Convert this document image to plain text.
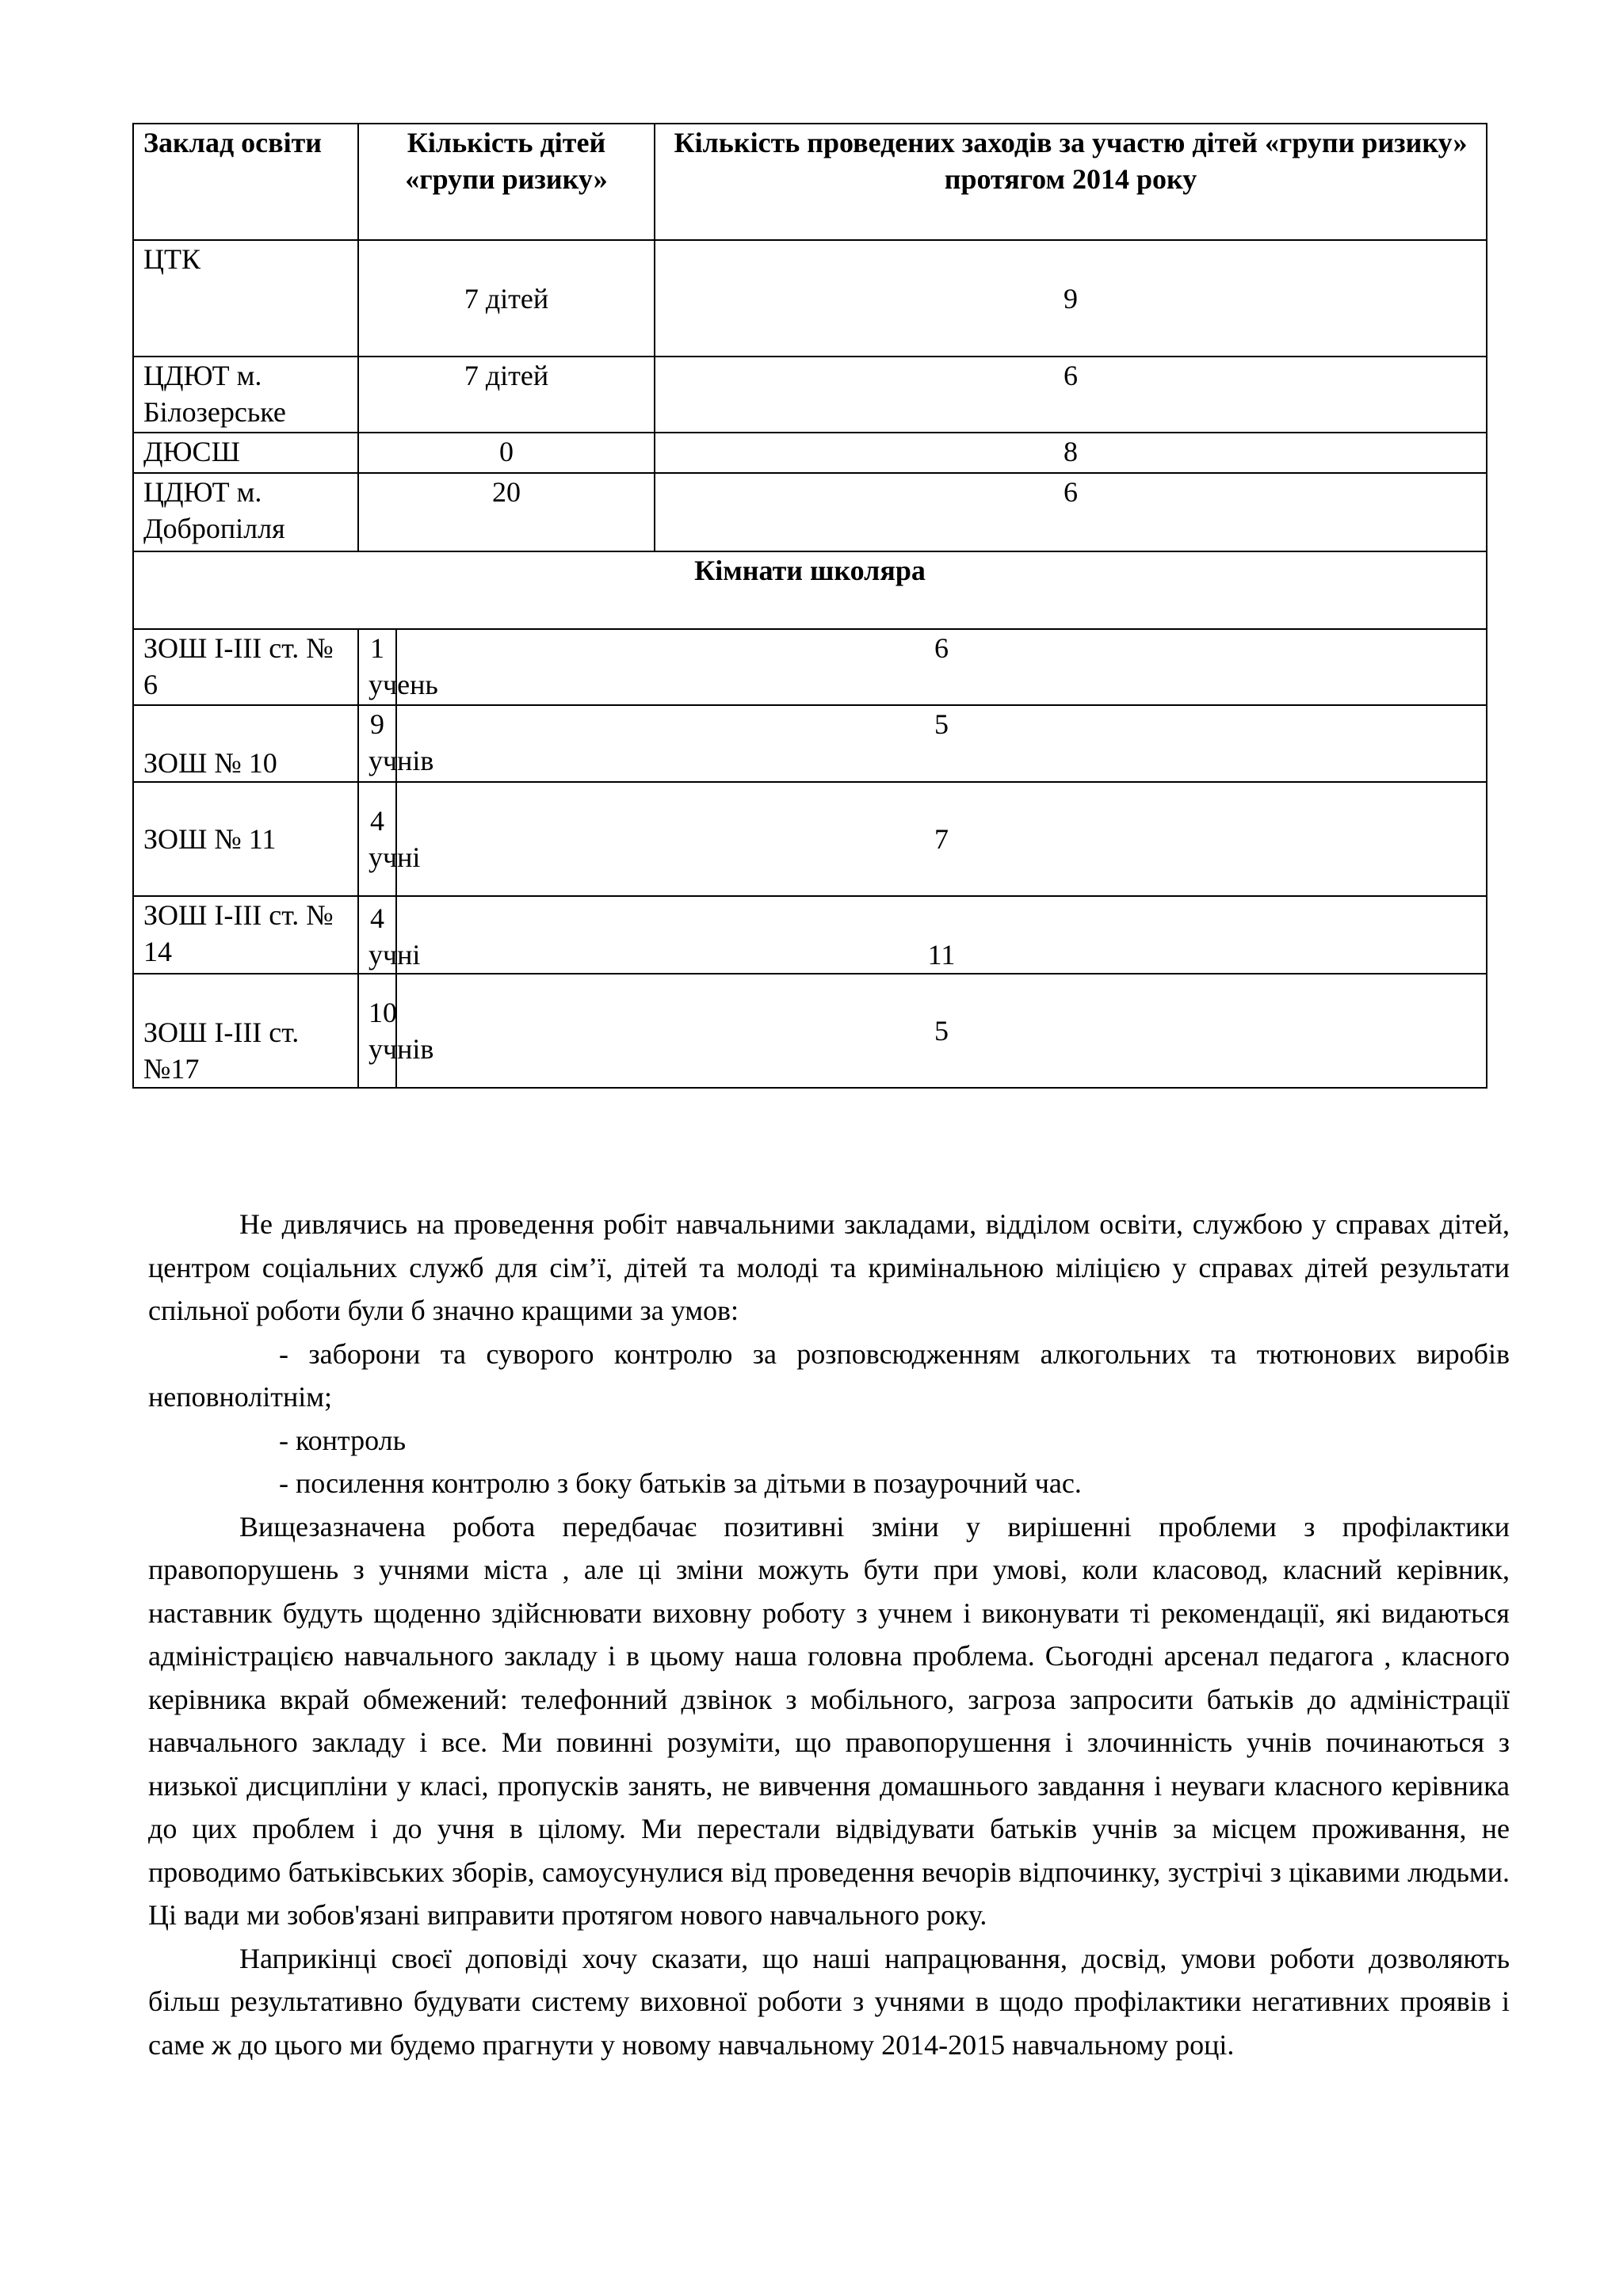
Заклад освіти	Кількість дітей «групи ризику»		Кількість проведених заходів за участю дітей «групи ризику» протягом 2014 року
ЦТК	7 дітей		9
ЦДЮТ м. Білозерське	7 дітей		6
ДЮСШ	0		8
ЦДЮТ м. Добропілля	20		6
Кімнати школяра			
ЗОШ І-ІІІ ст. № 6	1 учень	6	
ЗОШ № 10	9 учнів	5	
ЗОШ № 11	4 учні	7	
ЗОШ І-ІІІ ст. № 14	4 учні	11	
ЗОШ І-ІІІ ст. №17	10 учнів	5	

Не дивлячись на проведення робіт навчальними закладами, відділом освіти, службою у справах дітей, центром соціальних служб для сім’ї, дітей та молоді та кримінальною міліцією у справах дітей результати спільної роботи були б значно кращими за умов:

- заборони та суворого контролю за розповсюдженням алкогольних та тютюнових виробів неповнолітнім;

- контроль

- посилення контролю з боку батьків за дітьми в позаурочний час.

Вищезазначена робота передбачає позитивні зміни у вирішенні проблеми з профілактики правопорушень з учнями міста , але ці зміни можуть бути при умові, коли класовод, класний керівник, наставник будуть щоденно здійснювати виховну роботу з учнем і виконувати ті рекомендації, які видаються адміністрацією навчального закладу і в цьому наша головна проблема. Сьогодні арсенал педагога , класного керівника вкрай обмежений: телефонний дзвінок з мобільного, загроза запросити батьків до адміністрації навчального закладу і все. Ми повинні розуміти, що правопорушення і злочинність учнів починаються з низької дисципліни у класі, пропусків занять, не вивчення домашнього завдання і неуваги класного керівника до цих проблем і до учня в цілому. Ми перестали відвідувати батьків учнів за місцем проживання, не проводимо батьківських зборів, самоусунулися від проведення вечорів відпочинку, зустрічі з цікавими людьми. Ці вади ми зобов'язані виправити протягом нового навчального року.

Наприкінці своєї доповіді хочу сказати, що наші напрацювання, досвід, умови роботи дозволяють більш результативно будувати систему виховної роботи з учнями в щодо профілактики негативних проявів і саме ж до цього ми будемо прагнути у новому навчальному 2014-2015 навчальному році.
